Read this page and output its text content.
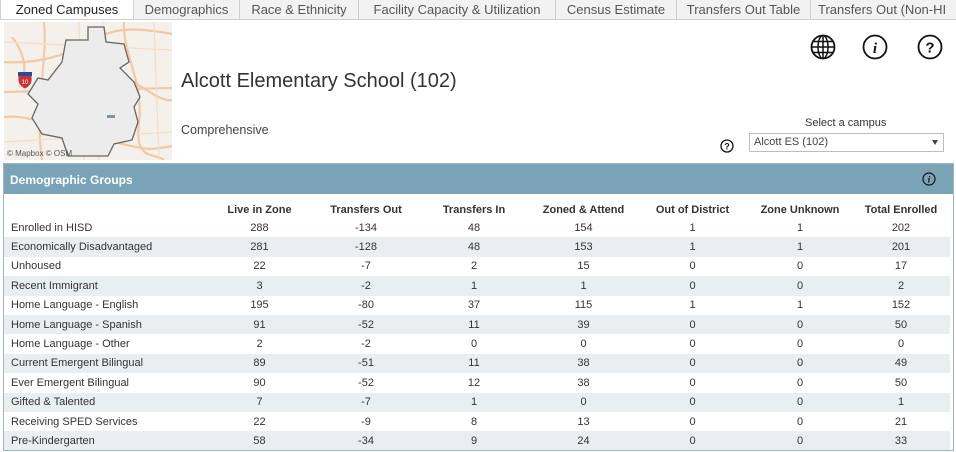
Zoned Campuses	Demographics	Race & Ethnicity	Facility Capacity & Utilization	Census Estimate	Transfers Out Table	Transfers Out (Non-HI
10
© Mapbox © OSM
Alcott Elementary School (102)
Comprehensive
i	?
Select a campus
?	Alcott ES (102)
Demographic Groups	i
	Live in Zone	Transfers Out	Transfers In	Zoned & Attend	Out of District	Zone Unknown	Total Enrolled
Enrolled in HISD	288	-134	48	154	1	1	202
Economically Disadvantaged	281	-128	48	153	1	1	201
Unhoused	22	-7	2	15	0	0	17
Recent Immigrant	3	-2	1	1	0	0	2
Home Language - English	195	-80	37	115	1	1	152
Home Language - Spanish	91	-52	11	39	0	0	50
Home Language - Other	2	-2	0	0	0	0	0
Current Emergent Bilingual	89	-51	11	38	0	0	49
Ever Emergent Bilingual	90	-52	12	38	0	0	50
Gifted & Talented	7	-7	1	0	0	0	1
Receiving SPED Services	22	-9	8	13	0	0	21
Pre-Kindergarten	58	-34	9	24	0	0	33
